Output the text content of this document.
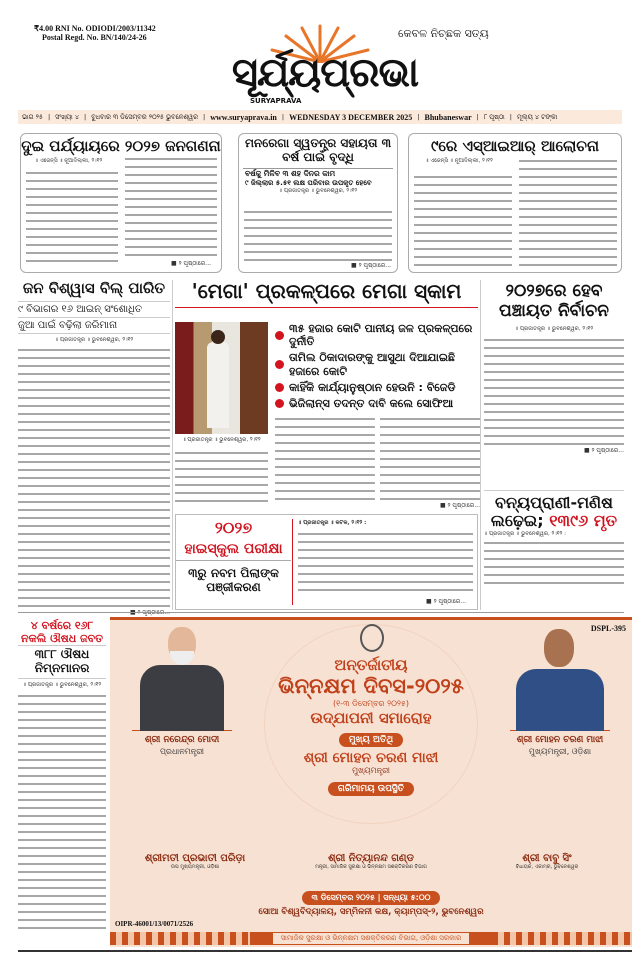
₹4.00 RNI No. ODIODI/2003/11342
Postal Regd. No. BN/140/24-26	କେବଳ ନିଚ୍ଛକ ସତ୍ୟ
ସୂର୍ଯ୍ୟପ୍ରଭା
SURYAPRAVA
ଭାଗ ୨୫ | ସଂଖ୍ୟା ୪ | ବୁଧବାର ୩ ଡିସେମ୍ବର ୨୦୨୫ ଭୁବନେଶ୍ୱର | www.suryaprava.in | WEDNESDAY 3 DECEMBER 2025 | Bhubaneswar | ୮ ପୃଷ୍ଠା | ମୂଲ୍ୟ ୪ ଟଙ୍କା
ଦୁଇ ପର୍ଯ୍ୟାୟରେ ୨୦୨୭ ଜନଗଣନା
॥ ଏଜେନ୍ସି ॥ ନୂଆଦିଲ୍ଲୀ, ୨।୧୨
■ ୨ ପୃଷ୍ଠାରେ...
ମନରେଗା ସ୍ୱତନ୍ତ୍ର ସହାୟତା ୩ ବର୍ଷ ପାଇଁ ବୃଦ୍ଧି
ବର୍ଷକୁ ମିଳିବ ୩ ଶହ ଦିନର କାମ
୯ ଜିଲ୍ଲାର ୫.୫୧ ଲକ୍ଷ ପରିବାର ଉପକୃତ ହେବେ
॥ ପ୍ରଜାତନ୍ତ୍ର ॥ ଭୁବନେଶ୍ୱର, ୨।୧୨
■ ୨ ପୃଷ୍ଠାରେ...
୯ରେ ଏସ୍ଆଇଆର୍ ଆଲୋଚନା
॥ ଏଜେନ୍ସି ॥ ନୂଆଦିଲ୍ଲୀ, ୨।୧୨
ଜନ ବିଶ୍ୱାସ ବିଲ୍ ପାରିତ
୯ ବିଭାଗର ୧୬ ଆଇନ୍ ସଂଶୋଧିତ
ଜୁଆ ପାଇଁ ବଢ଼ିଲା ଜରିମାନା
॥ ପ୍ରଜାତନ୍ତ୍ର ॥ ଭୁବନେଶ୍ୱର, ୨।୧୨
'ମେଗା' ପ୍ରକଳ୍ପରେ ମେଗା ସ୍କାମ
॥ ପ୍ରଜାତନ୍ତ୍ର ॥ ଭୁବନେଶ୍ୱର, ୨।୧୨
୩୫ ହଜାର କୋଟି ପାନୀୟ ଜଳ ପ୍ରକଳ୍ପରେ ଦୁର୍ନୀତି
ତାମିଲ ଠିକାଦାରଙ୍କୁ ଆସୁଥା ଦିଆଯାଇଛି ହଜାରେ କୋଟି
କାହିଁକି କାର୍ଯ୍ୟାନୁଷ୍ଠାନ ହେଉନି : ବିଜେଡି
ଭିଜିଲାନ୍ସ ତଦନ୍ତ ଦାବି କଲେ ସୋଫିଆ
■ ୨ ପୃଷ୍ଠାରେ...
୨୦୨୭
ହାଇସ୍କୁଲ ପରୀକ୍ଷା
୩ରୁ ନବମ ପିଲାଙ୍କ ପଞ୍ଜୀକରଣ
॥ ପ୍ରଜାତନ୍ତ୍ର ॥ କଟକ, ୨।୧୨ :
■ ୨ ପୃଷ୍ଠାରେ...
୨୦୨୭ରେ ହେବ ପଞ୍ଚାୟତ ନିର୍ବାଚନ
॥ ପ୍ରଜାତନ୍ତ୍ର ॥ ଭୁବନେଶ୍ୱର, ୨।୧୨
■ ୨ ପୃଷ୍ଠାରେ...
ବନ୍ୟପ୍ରାଣୀ-ମଣିଷ
ଲଢ଼େଇ; ୧୩୯୬ ମୃତ
॥ ପ୍ରଜାତନ୍ତ୍ର ॥ ଭୁବନେଶ୍ୱର, ୨।୧୨ :
୪ ବର୍ଷରେ ୧୬୮
ନକଲି ଔଷଧ ଜବତ
୩୮୮ ଔଷଧ ନିମ୍ନମାନର
॥ ପ୍ରଜାତନ୍ତ୍ର ॥ ଭୁବନେଶ୍ୱର, ୨।୧୨
DSPL-395
ଶ୍ରୀ ନରେନ୍ଦ୍ର ମୋଦୀ
ପ୍ରଧାନମନ୍ତ୍ରୀ
ଶ୍ରୀ ମୋହନ ଚରଣ ମାଝୀ
ମୁଖ୍ୟମନ୍ତ୍ରୀ, ଓଡ଼ିଶା
ଅନ୍ତର୍ଜାତୀୟ
ଭିନ୍ନକ୍ଷମ ଦିବସ-୨୦୨୫
(୧-୩ ଡିସେମ୍ବର ୨୦୨୫)
ଉଦ୍‌ଯାପନୀ ସମାରୋହ
ମୁଖ୍ୟ ଅତିଥି
ଶ୍ରୀ ମୋହନ ଚରଣ ମାଝୀ
ମୁଖ୍ୟମନ୍ତ୍ରୀ
ଗରିମାମୟ ଉପସ୍ଥିତି
ଶ୍ରୀମତୀ ପ୍ରଭାତୀ ପରିଡ଼ା
ଉପ ମୁଖ୍ୟମନ୍ତ୍ରୀ, ଓଡ଼ିଶା
ଶ୍ରୀ ନିତ୍ୟାନନ୍ଦ ଗଣ୍ଡ
ମନ୍ତ୍ରୀ, ସାମାଜିକ ସୁରକ୍ଷା ଓ ଭିନ୍ନକ୍ଷମ ସଶକ୍ତିକରଣ ବିଭାଗ
ଶ୍ରୀ ବାବୁ ସିଂ
ବିଧାୟକ, ଏକାମ୍ର, ଭୁବନେଶ୍ୱର
୩ ଡିସେମ୍ବର ୨୦୨୫ | ସନ୍ଧ୍ୟା ୫:୦୦
ସୋଆ ବିଶ୍ୱବିଦ୍ୟାଳୟ, ସମ୍ମିଳନୀ କକ୍ଷ, କ୍ୟାମ୍ପସ୍-୨, ଭୁବନେଶ୍ୱର
OIPR-46001/13/0071/2526
ସାମାଜିକ ସୁରକ୍ଷା ଓ ଭିନ୍ନକ୍ଷମ ସଶକ୍ତିକରଣ ବିଭାଗ, ଓଡ଼ିଶା ସରକାର
